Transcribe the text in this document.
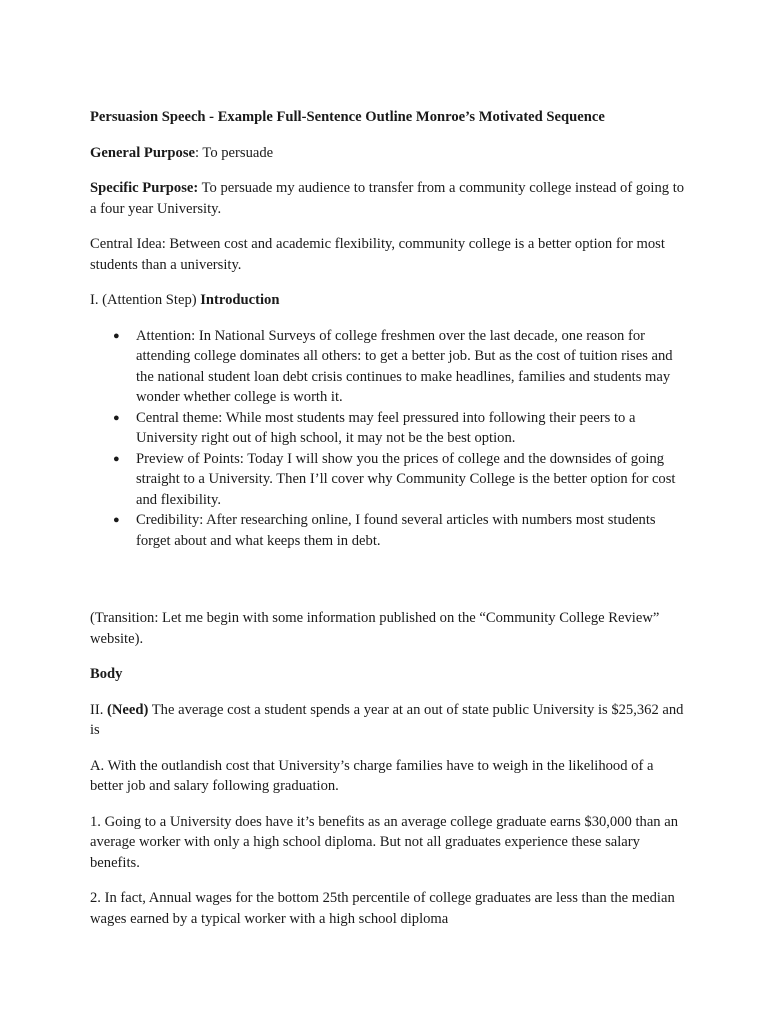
Persuasion Speech - Example Full-Sentence Outline Monroe’s Motivated Sequence

General Purpose: To persuade

Specific Purpose: To persuade my audience to transfer from a community college instead of going to a four year University.

Central Idea: Between cost and academic flexibility, community college is a better option for most students than a university.

I. (Attention Step) Introduction

● Attention: In National Surveys of college freshmen over the last decade, one reason for attending college dominates all others: to get a better job. But as the cost of tuition rises and the national student loan debt crisis continues to make headlines, families and students may wonder whether college is worth it.
● Central theme: While most students may feel pressured into following their peers to a University right out of high school, it may not be the best option.
● Preview of Points: Today I will show you the prices of college and the downsides of going straight to a University. Then I’ll cover why Community College is the better option for cost and flexibility.
● Credibility: After researching online, I found several articles with numbers most students forget about and what keeps them in debt.

(Transition: Let me begin with some information published on the “Community College Review” website).

Body

II. (Need) The average cost a student spends a year at an out of state public University is $25,362 and is

A. With the outlandish cost that University’s charge families have to weigh in the likelihood of a better job and salary following graduation.

1. Going to a University does have it’s benefits as an average college graduate earns $30,000 than an average worker with only a high school diploma. But not all graduates experience these salary benefits.

2. In fact, Annual wages for the bottom 25th percentile of college graduates are less than the median wages earned by a typical worker with a high school diploma
